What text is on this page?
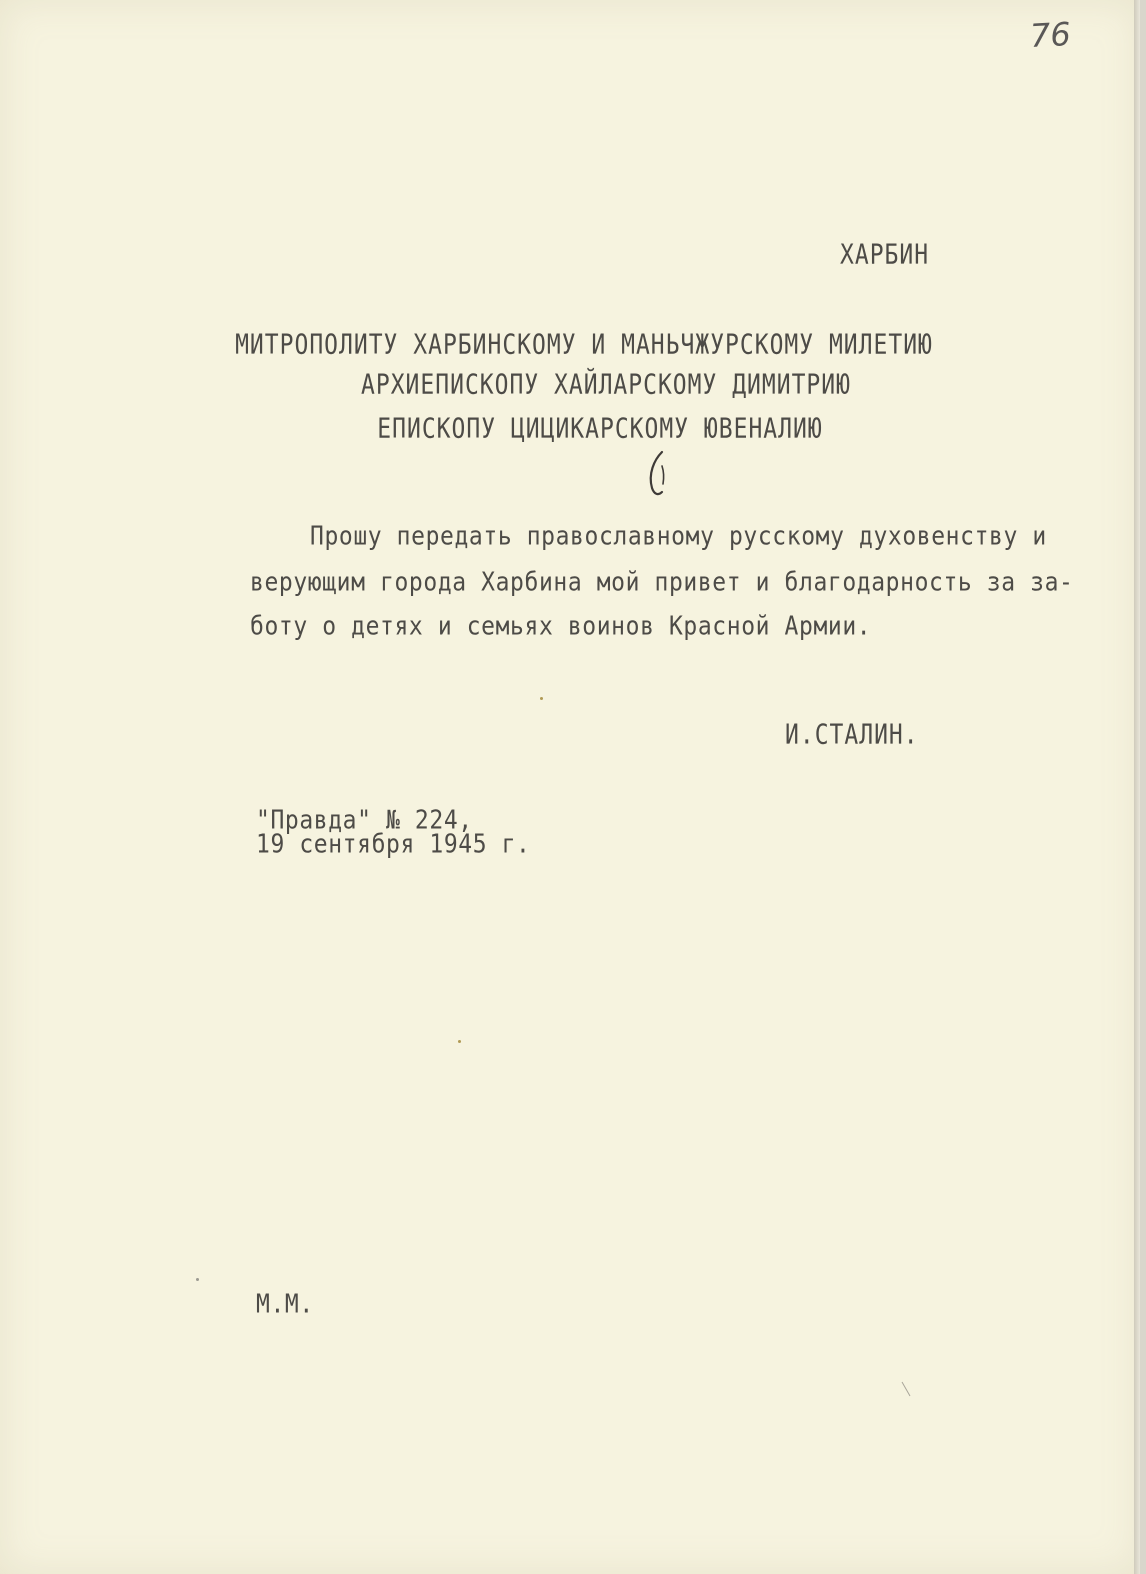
76

ХАРБИН

МИТРОПОЛИТУ ХАРБИНСКОМУ И МАНЬЧЖУРСКОМУ МИЛЕТИЮ

АРХИЕПИСКОПУ ХАЙЛАРСКОМУ ДИМИТРИЮ

ЕПИСКОПУ ЦИЦИКАРСКОМУ ЮВЕНАЛИЮ

Прошу передать православному русскому духовенству и

верующим города Харбина мой привет и благодарность за за-

боту о детях и семьях воинов Красной Армии.

И.СТАЛИН.

"Правда" № 224,

19 сентября 1945 г.

М.М.
